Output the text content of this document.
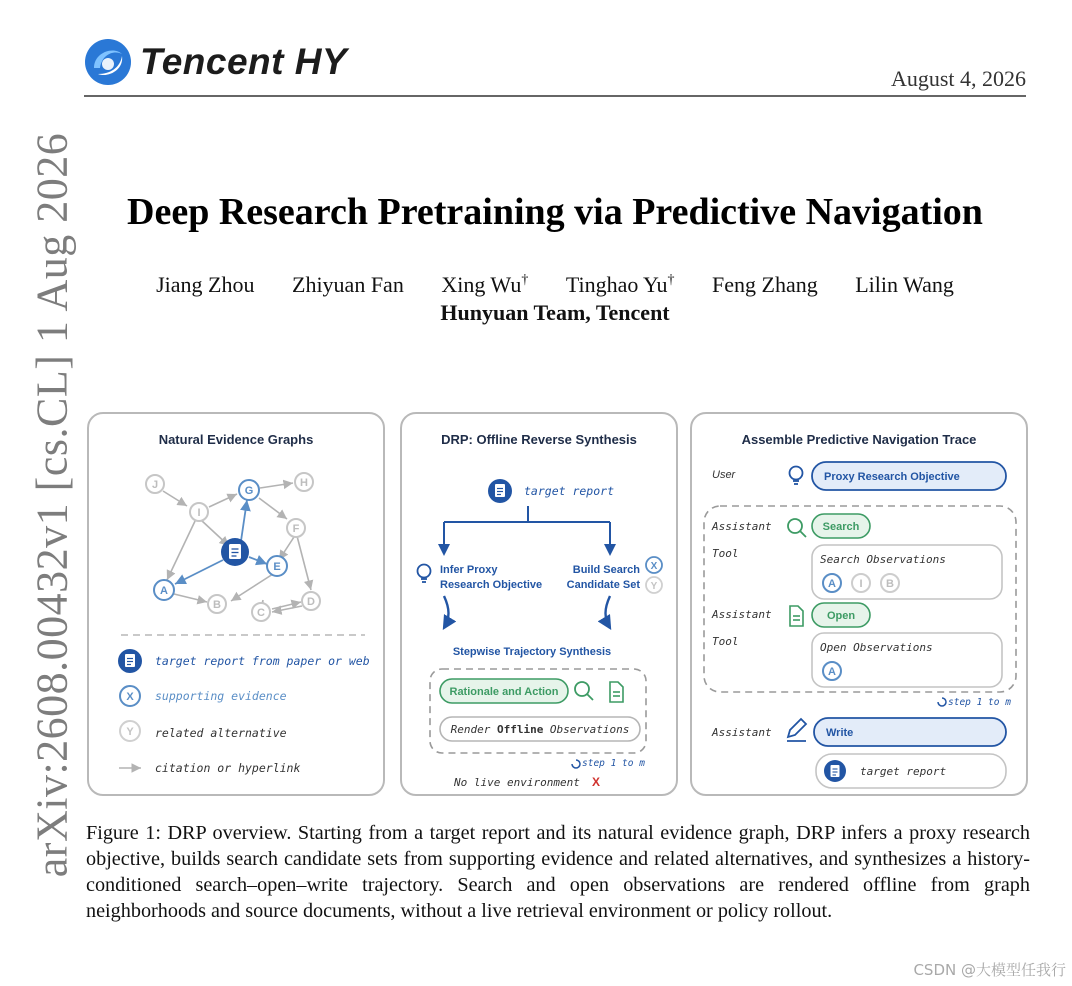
Tencent HY	August 4, 2026
arXiv:2608.00432v1 [cs.CL] 1 Aug 2026	Deep Research Pretraining via Predictive Navigation
Jiang Zhou Zhiyuan Fan Xing Wu† Tinghao Yu† Feng Zhang Lilin Wang
Hunyuan Team, Tencent
Natural Evidence Graphs
J	H
G
I
F
E
A
B
C
D
target report from paper or web
X supporting evidence
Y related alternative
citation or hyperlink
DRP: Offline Reverse Synthesis
target report
Infer Proxy
Research Objective
Build Search
Candidate Set
X
Y
Stepwise Trajectory Synthesis
Rationale and Action
Render Offline Observations
step 1 to m
No live environment X
Assemble Predictive Navigation Trace
User	Proxy Research Objective
Assistant	Search
Tool	Search Observations
A I B
Assistant	Open
Tool	Open Observations
A
step 1 to m
Assistant	Write
target report
Figure 1: DRP overview. Starting from a target report and its natural evidence graph, DRP infers a proxy research objective, builds search candidate sets from supporting evidence and related alternatives, and synthesizes a history-conditioned search–open–write trajectory. Search and open observations are rendered offline from graph neighborhoods and source documents, without a live retrieval environment or policy rollout.
CSDN @大模型任我行
